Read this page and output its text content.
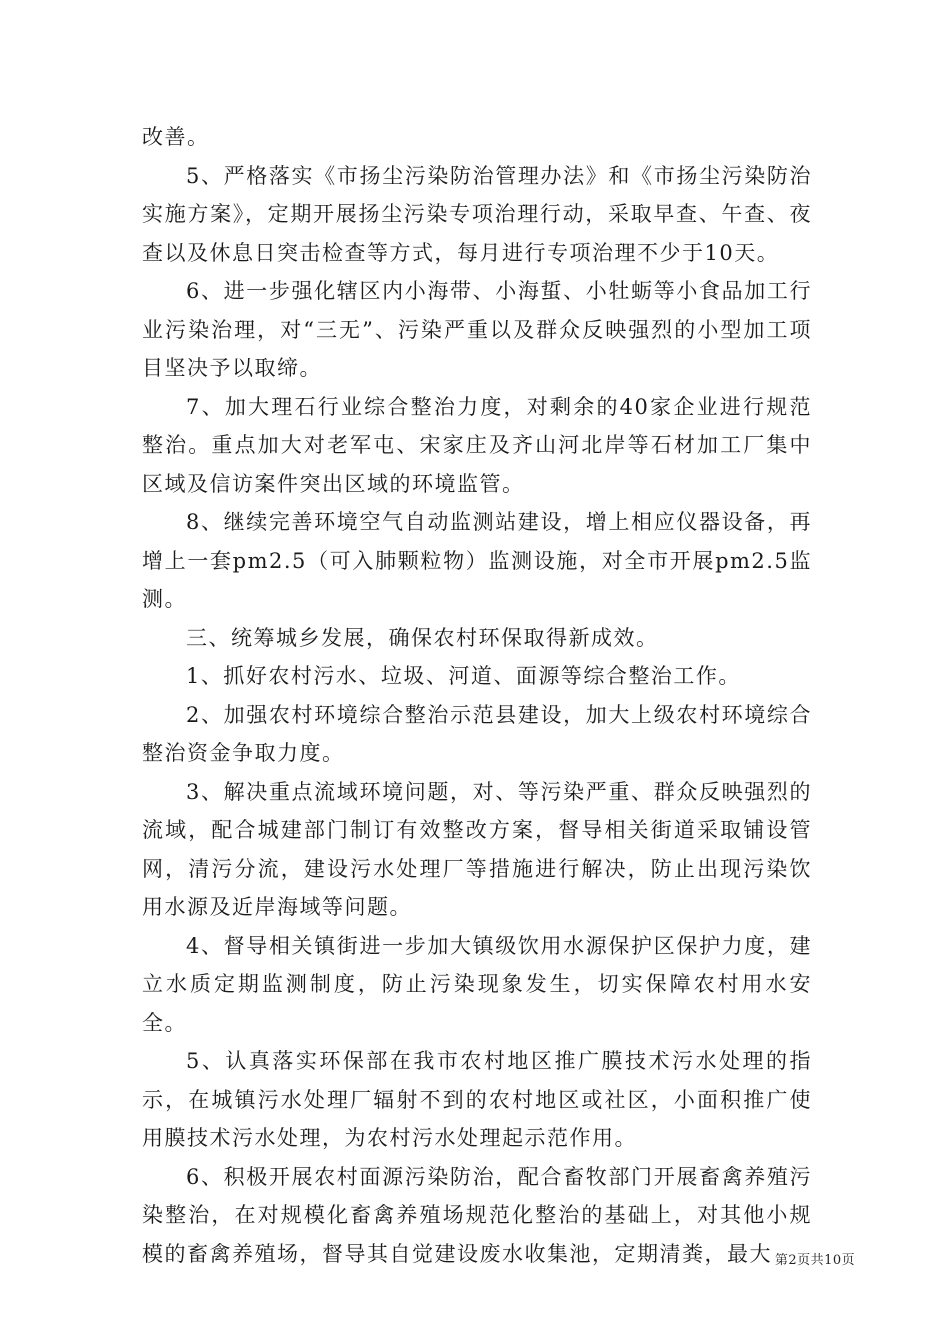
改善。

5、严格落实《市扬尘污染防治管理办法》和《市扬尘污染防治实施方案》，定期开展扬尘污染专项治理行动，采取早查、午查、夜查以及休息日突击检查等方式，每月进行专项治理不少于10天。

6、进一步强化辖区内小海带、小海蜇、小牡蛎等小食品加工行业污染治理，对“三无”、污染严重以及群众反映强烈的小型加工项目坚决予以取缔。

7、加大理石行业综合整治力度，对剩余的40家企业进行规范整治。重点加大对老军屯、宋家庄及齐山河北岸等石材加工厂集中区域及信访案件突出区域的环境监管。

8、继续完善环境空气自动监测站建设，增上相应仪器设备，再增上一套pm2.5（可入肺颗粒物）监测设施，对全市开展pm2.5监测。

三、统筹城乡发展，确保农村环保取得新成效。

1、抓好农村污水、垃圾、河道、面源等综合整治工作。

2、加强农村环境综合整治示范县建设，加大上级农村环境综合整治资金争取力度。

3、解决重点流域环境问题，对、等污染严重、群众反映强烈的流域，配合城建部门制订有效整改方案，督导相关街道采取铺设管网，清污分流，建设污水处理厂等措施进行解决，防止出现污染饮用水源及近岸海域等问题。

4、督导相关镇街进一步加大镇级饮用水源保护区保护力度，建立水质定期监测制度，防止污染现象发生，切实保障农村用水安全。

5、认真落实环保部在我市农村地区推广膜技术污水处理的指示，在城镇污水处理厂辐射不到的农村地区或社区，小面积推广使用膜技术污水处理，为农村污水处理起示范作用。

6、积极开展农村面源污染防治，配合畜牧部门开展畜禽养殖污染整治，在对规模化畜禽养殖场规范化整治的基础上，对其他小规模的畜禽养殖场，督导其自觉建设废水收集池，定期清粪，最大 第2页共10页
